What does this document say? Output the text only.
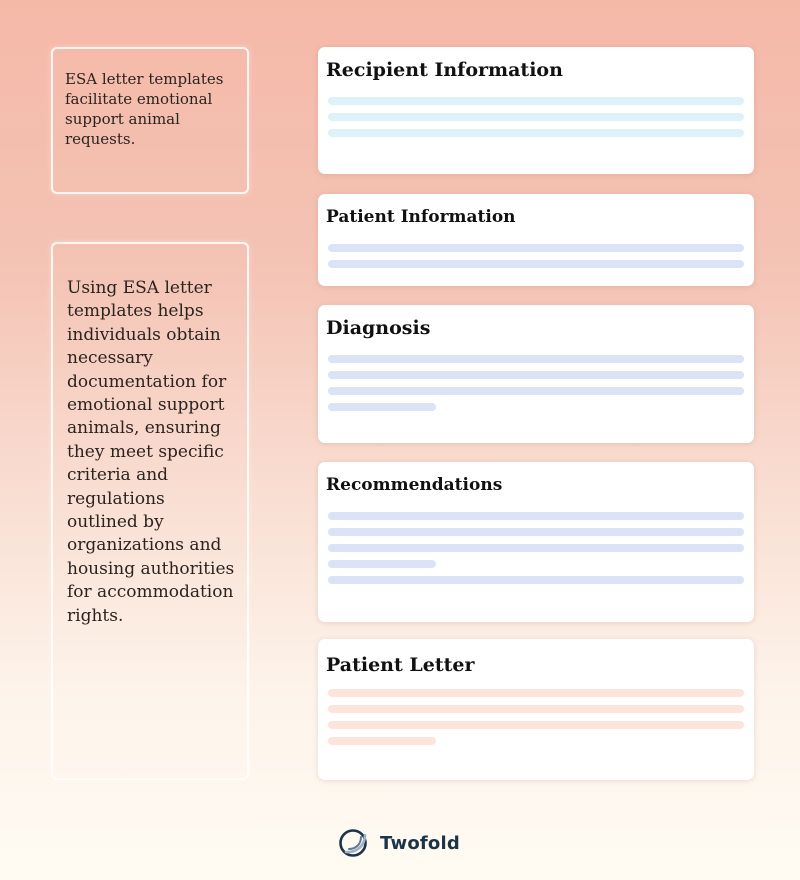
ESA letter templates facilitate emotional support animal requests.

Using ESA letter templates helps individuals obtain necessary documentation for emotional support animals, ensuring they meet specific criteria and regulations outlined by organizations and housing authorities for accommodation rights.

Recipient Information
Patient Information
Diagnosis
Recommendations
Patient Letter
Twofold
